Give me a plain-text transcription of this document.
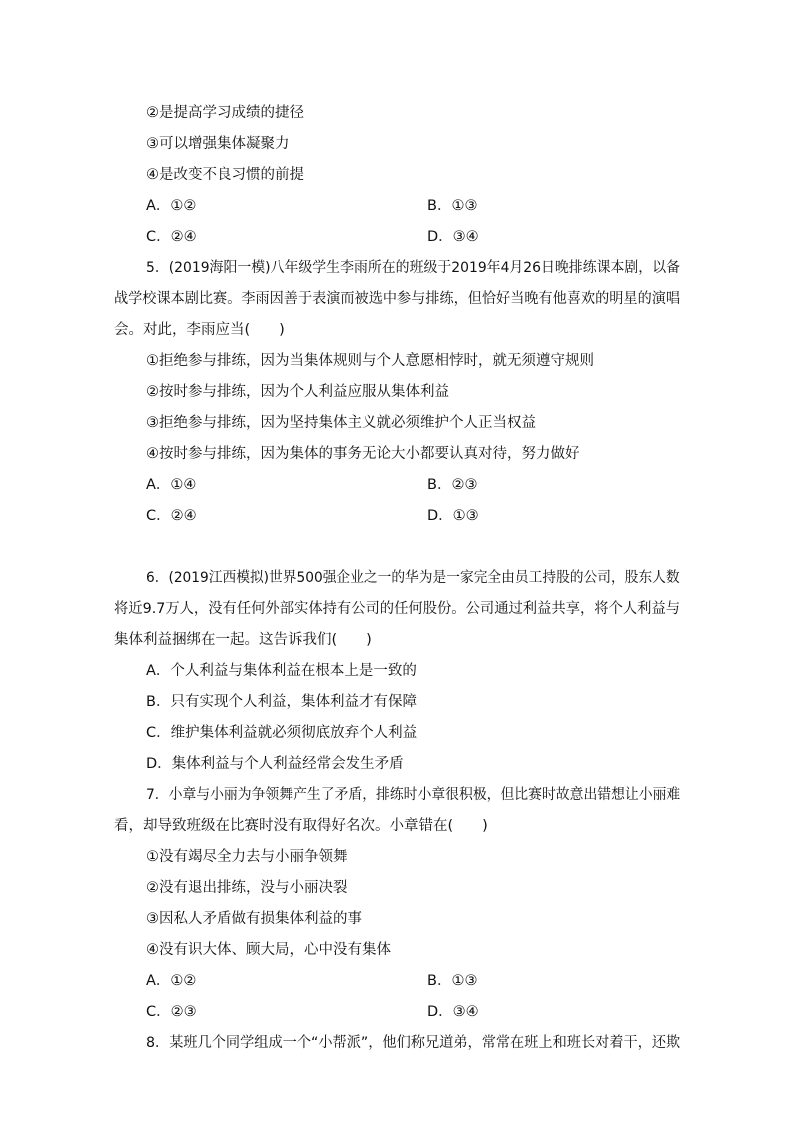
②是提高学习成绩的捷径
③可以增强集体凝聚力
④是改变不良习惯的前提
A．①②	B．①③
C．②④	D．③④
5．(2019海阳一模)八年级学生李雨所在的班级于2019年4月26日晚排练课本剧，以备
战学校课本剧比赛。李雨因善于表演而被选中参与排练，但恰好当晚有他喜欢的明星的演唱
会。对此，李雨应当(　　)
①拒绝参与排练，因为当集体规则与个人意愿相悖时，就无须遵守规则
②按时参与排练，因为个人利益应服从集体利益
③拒绝参与排练，因为坚持集体主义就必须维护个人正当权益
④按时参与排练，因为集体的事务无论大小都要认真对待，努力做好
A．①④	B．②③
C．②④	D．①③
6．(2019江西模拟)世界500强企业之一的华为是一家完全由员工持股的公司，股东人数
将近9.7万人，没有任何外部实体持有公司的任何股份。公司通过利益共享，将个人利益与
集体利益捆绑在一起。这告诉我们(　　)
A．个人利益与集体利益在根本上是一致的
B．只有实现个人利益，集体利益才有保障
C．维护集体利益就必须彻底放弃个人利益
D．集体利益与个人利益经常会发生矛盾
7．小章与小丽为争领舞产生了矛盾，排练时小章很积极，但比赛时故意出错想让小丽难
看，却导致班级在比赛时没有取得好名次。小章错在(　　)
①没有竭尽全力去与小丽争领舞
②没有退出排练，没与小丽决裂
③因私人矛盾做有损集体利益的事
④没有识大体、顾大局，心中没有集体
A．①②	B．①③
C．②③	D．③④
8．某班几个同学组成一个“小帮派”，他们称兄道弟，常常在班上和班长对着干，还欺
